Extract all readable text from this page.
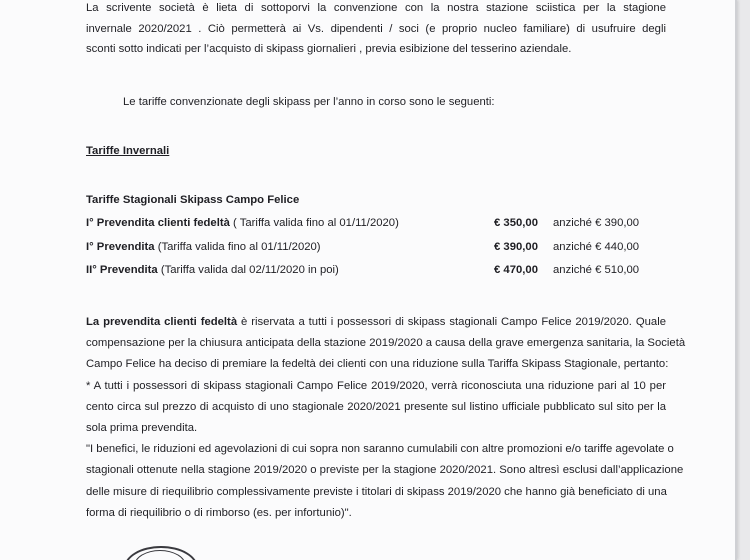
La scrivente società è lieta di sottoporvi la convenzione con la nostra stazione sciistica per la stagione
invernale 2020/2021 . Ciò permetterà ai Vs. dipendenti / soci (e proprio nucleo familiare) di usufruire degli
sconti sotto indicati per l’acquisto di skipass giornalieri , previa esibizione del tesserino aziendale.

Le tariffe convenzionate degli skipass per l’anno in corso sono le seguenti:
Tariffe Invernali
Tariffe Stagionali Skipass Campo Felice
I° Prevendita clienti fedeltà ( Tariffa valida fino al 01/11/2020)	€ 350,00 anziché € 390,00
I° Prevendita (Tariffa valida fino al 01/11/2020)	€ 390,00 anziché € 440,00
II° Prevendita (Tariffa valida dal 02/11/2020 in poi)	€ 470,00 anziché € 510,00

La prevendita clienti fedeltà è riservata a tutti i possessori di skipass stagionali Campo Felice 2019/2020. Quale
compensazione per la chiusura anticipata della stazione 2019/2020 a causa della grave emergenza sanitaria, la Società
Campo Felice ha deciso di premiare la fedeltà dei clienti con una riduzione sulla Tariffa Skipass Stagionale, pertanto:
* A tutti i possessori di skipass stagionali Campo Felice 2019/2020, verrà riconosciuta una riduzione pari al 10 per
cento circa sul prezzo di acquisto di uno stagionale 2020/2021 presente sul listino ufficiale pubblicato sul sito per la
sola prima prevendita.
"I benefici, le riduzioni ed agevolazioni di cui sopra non saranno cumulabili con altre promozioni e/o tariffe agevolate o
stagionali ottenute nella stagione 2019/2020 o previste per la stagione 2020/2021. Sono altresì esclusi dall’applicazione
delle misure di riequilibrio complessivamente previste i titolari di skipass 2019/2020 che hanno già beneficiato di una
forma di riequilibrio o di rimborso (es. per infortunio)".
